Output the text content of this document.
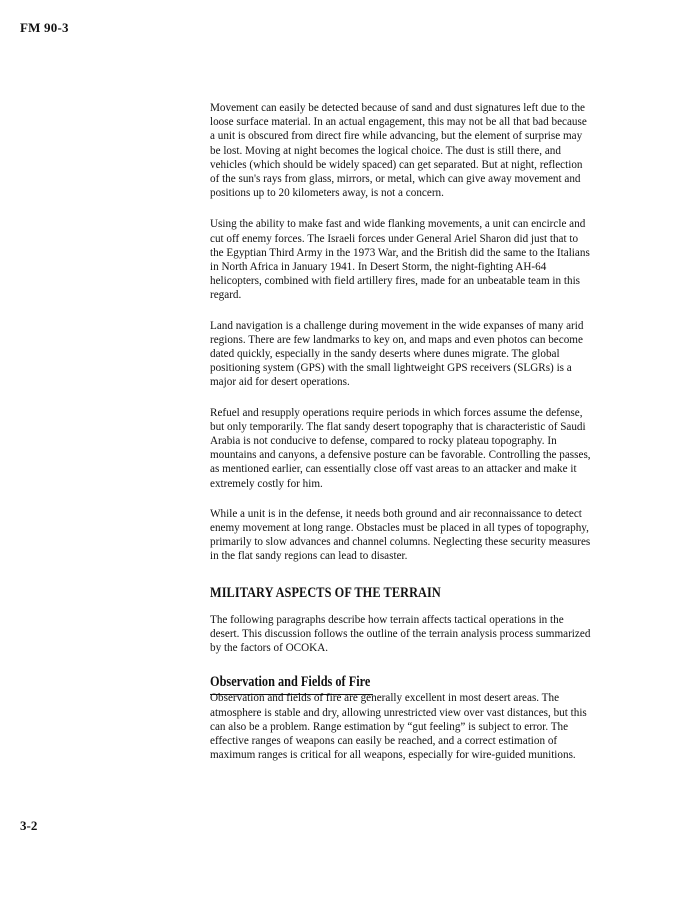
FM 90-3

Movement can easily be detected because of sand and dust signatures left due to the loose surface material. In an actual engagement, this may not be all that bad because a unit is obscured from direct fire while advancing, but the element of surprise may be lost. Moving at night becomes the logical choice. The dust is still there, and vehicles (which should be widely spaced) can get separated. But at night, reflection of the sun's rays from glass, mirrors, or metal, which can give away movement and positions up to 20 kilometers away, is not a concern.

Using the ability to make fast and wide flanking movements, a unit can encircle and cut off enemy forces. The Israeli forces under General Ariel Sharon did just that to the Egyptian Third Army in the 1973 War, and the British did the same to the Italians in North Africa in January 1941. In Desert Storm, the night-fighting AH-64 helicopters, combined with field artillery fires, made for an unbeatable team in this regard.

Land navigation is a challenge during movement in the wide expanses of many arid regions. There are few landmarks to key on, and maps and even photos can become dated quickly, especially in the sandy deserts where dunes migrate. The global positioning system (GPS) with the small lightweight GPS receivers (SLGRs) is a major aid for desert operations.

Refuel and resupply operations require periods in which forces assume the defense, but only temporarily. The flat sandy desert topography that is characteristic of Saudi Arabia is not conducive to defense, compared to rocky plateau topography. In mountains and canyons, a defensive posture can be favorable. Controlling the passes, as mentioned earlier, can essentially close off vast areas to an attacker and make it extremely costly for him.

While a unit is in the defense, it needs both ground and air reconnaissance to detect enemy movement at long range. Obstacles must be placed in all types of topography, primarily to slow advances and channel columns. Neglecting these security measures in the flat sandy regions can lead to disaster.

MILITARY ASPECTS OF THE TERRAIN

The following paragraphs describe how terrain affects tactical operations in the desert. This discussion follows the outline of the terrain analysis process summarized by the factors of OCOKA.

Observation and Fields of Fire

Observation and fields of fire are generally excellent in most desert areas. The atmosphere is stable and dry, allowing unrestricted view over vast distances, but this can also be a problem. Range estimation by “gut feeling” is subject to error. The effective ranges of weapons can easily be reached, and a correct estimation of maximum ranges is critical for all weapons, especially for wire-guided munitions.

3-2
